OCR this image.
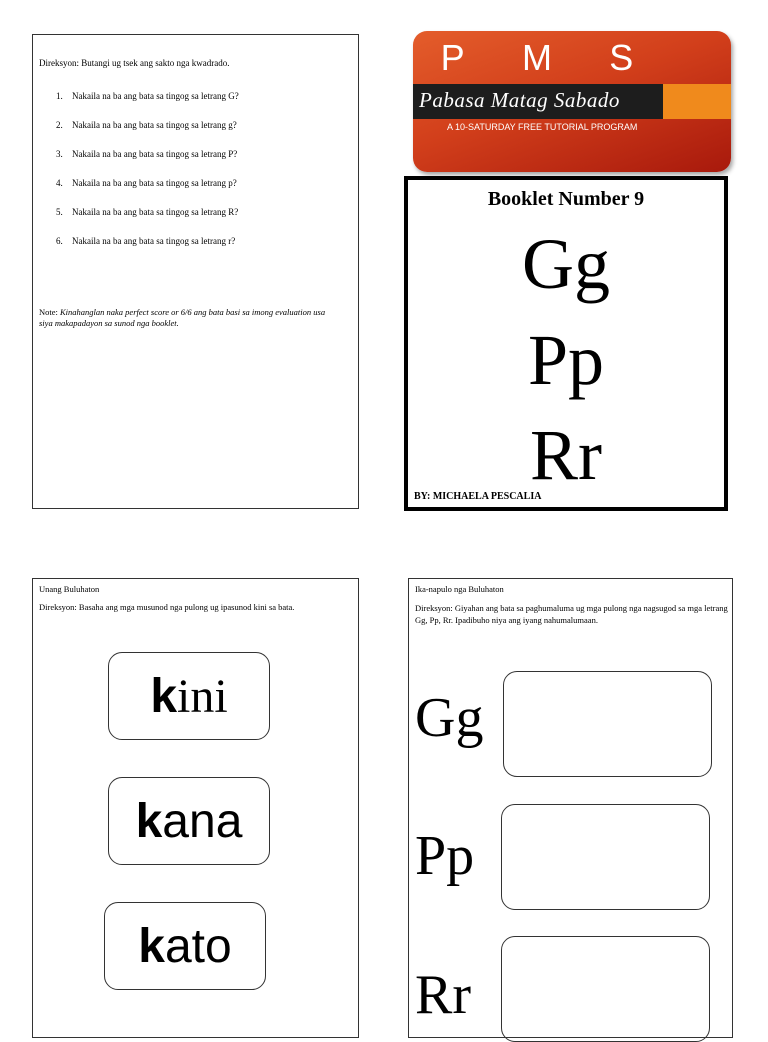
Direksyon: Butangi ug tsek ang sakto nga kwadrado.
1.	Nakaila na ba ang bata sa tingog sa letrang G?
2.	Nakaila na ba ang bata sa tingog sa letrang g?
3.	Nakaila na ba ang bata sa tingog sa letrang P?
4.	Nakaila na ba ang bata sa tingog sa letrang p?
5.	Nakaila na ba ang bata sa tingog sa letrang R?
6.	Nakaila na ba ang bata sa tingog sa letrang r?
Note: Kinahanglan naka perfect score or 6/6 ang bata basi sa imong evaluation usa siya makapadayon sa sunod nga booklet.
P M S
Pabasa Matag Sabado
A 10-SATURDAY FREE TUTORIAL PROGRAM
Booklet Number 9
Gg
Pp
Rr
BY: MICHAELA PESCALIA
Unang Buluhaton
Direksyon: Basaha ang mga musunod nga pulong ug ipasunod kini sa bata.
k ini
k ana
k ato
Ika-napulo nga Buluhaton
Direksyon: Giyahan ang bata sa paghumaluma ug mga pulong nga nagsugod sa mga letrang Gg, Pp, Rr. Ipadibuho niya ang iyang nahumalumaan.
Gg
Pp
Rr
